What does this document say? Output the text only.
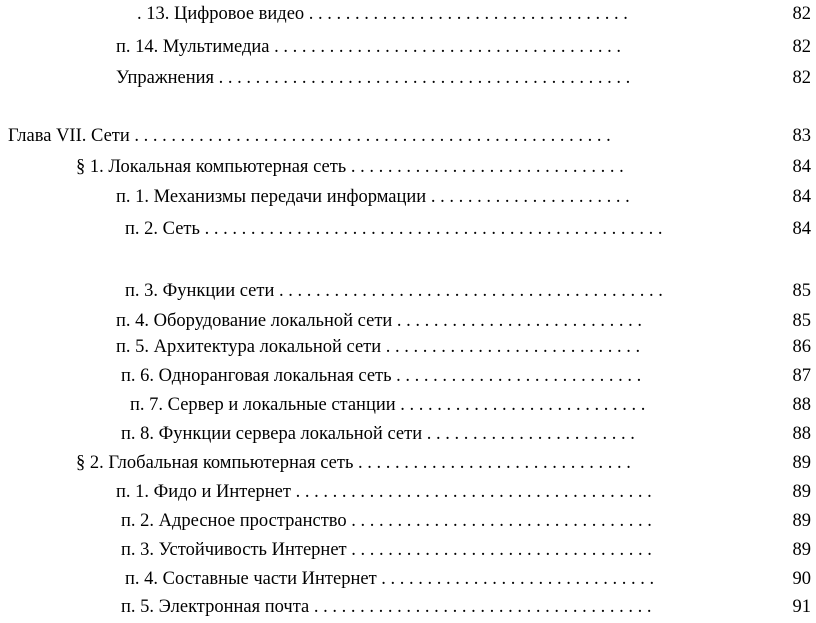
. 13. Цифровое видео . . . . . . . . . . . . . . . . . . . . . . . . . . . . . . . . . . .	82
п. 14. Мультимедиа . . . . . . . . . . . . . . . . . . . . . . . . . . . . . . . . . . . . . .	82
Упражнения . . . . . . . . . . . . . . . . . . . . . . . . . . . . . . . . . . . . . . . . . . . . .	82
Глава VII. Сети . . . . . . . . . . . . . . . . . . . . . . . . . . . . . . . . . . . . . . . . . . . . . . . . . . . .	83
§ 1. Локальная компьютерная сеть . . . . . . . . . . . . . . . . . . . . . . . . . . . . . .	84
п. 1. Механизмы передачи информации . . . . . . . . . . . . . . . . . . . . . .	84
п. 2. Сеть . . . . . . . . . . . . . . . . . . . . . . . . . . . . . . . . . . . . . . . . . . . . . . . . . .	84
п. 3. Функции сети . . . . . . . . . . . . . . . . . . . . . . . . . . . . . . . . . . . . . . . . . .	85
п. 4. Оборудование локальной сети . . . . . . . . . . . . . . . . . . . . . . . . . . .	85
п. 5. Архитектура локальной сети . . . . . . . . . . . . . . . . . . . . . . . . . . . .	86
п. 6. Одноранговая локальная сеть . . . . . . . . . . . . . . . . . . . . . . . . . . .	87
п. 7. Сервер и локальные станции . . . . . . . . . . . . . . . . . . . . . . . . . . .	88
п. 8. Функции сервера локальной сети . . . . . . . . . . . . . . . . . . . . . . .	88
§ 2. Глобальная компьютерная сеть . . . . . . . . . . . . . . . . . . . . . . . . . . . . . .	89
п. 1. Фидо и Интернет . . . . . . . . . . . . . . . . . . . . . . . . . . . . . . . . . . . . . . .	89
п. 2. Адресное пространство . . . . . . . . . . . . . . . . . . . . . . . . . . . . . . . . .	89
п. 3. Устойчивость Интернет . . . . . . . . . . . . . . . . . . . . . . . . . . . . . . . . .	89
п. 4. Составные части Интернет . . . . . . . . . . . . . . . . . . . . . . . . . . . . . .	90
п. 5. Электронная почта . . . . . . . . . . . . . . . . . . . . . . . . . . . . . . . . . . . . .	91
